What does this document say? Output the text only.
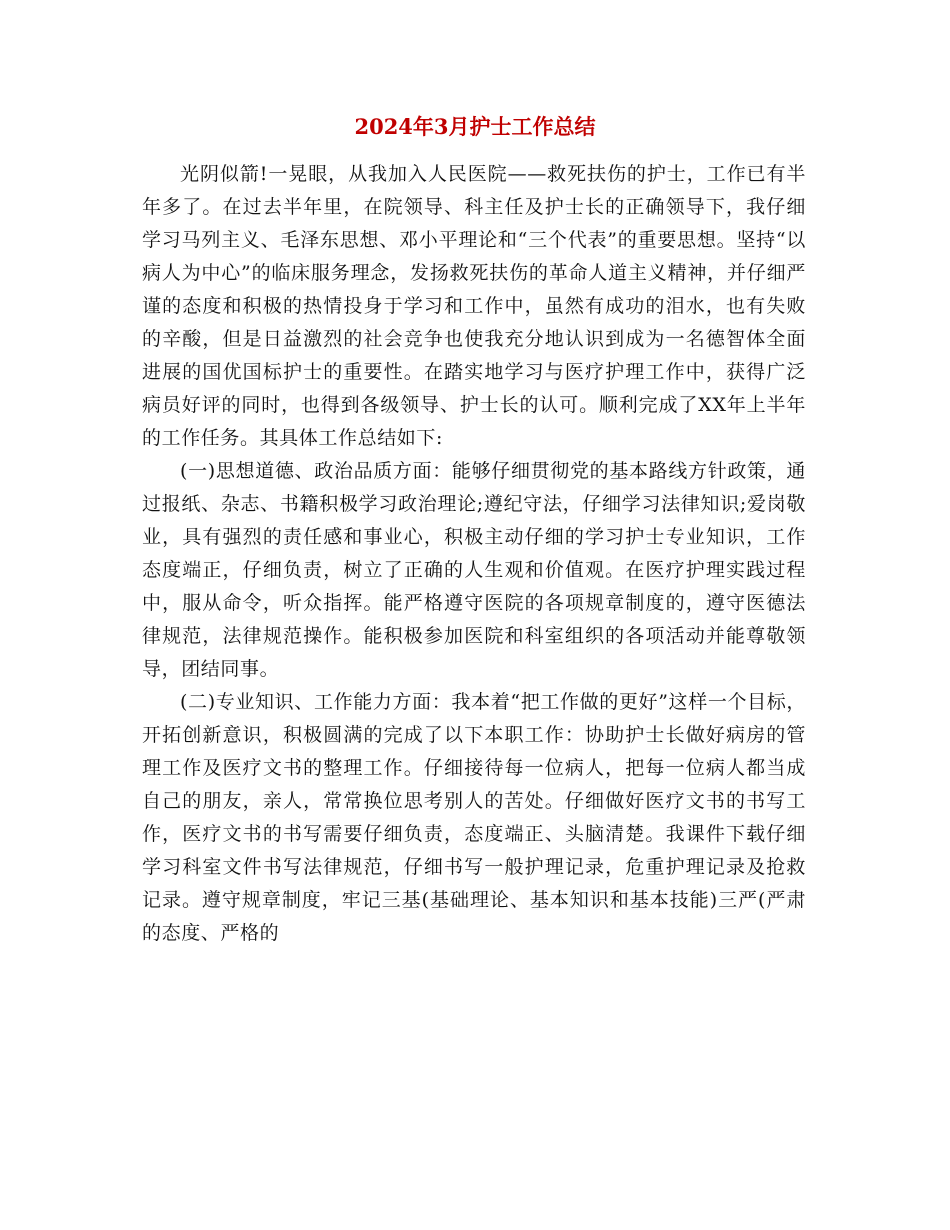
2024年3月护士工作总结

光阴似箭!一晃眼，从我加入人民医院——救死扶伤的护士，工作已有半年多了。在过去半年里，在院领导、科主任及护士长的正确领导下，我仔细学习马列主义、毛泽东思想、邓小平理论和“三个代表”的重要思想。坚持“以病人为中心”的临床服务理念，发扬救死扶伤的革命人道主义精神，并仔细严谨的态度和积极的热情投身于学习和工作中，虽然有成功的泪水，也有失败的辛酸，但是日益激烈的社会竞争也使我充分地认识到成为一名德智体全面进展的国优国标护士的重要性。在踏实地学习与医疗护理工作中，获得广泛病员好评的同时，也得到各级领导、护士长的认可。顺利完成了XX年上半年的工作任务。其具体工作总结如下:

(一)思想道德、政治品质方面：能够仔细贯彻党的基本路线方针政策，通过报纸、杂志、书籍积极学习政治理论;遵纪守法，仔细学习法律知识;爱岗敬业，具有强烈的责任感和事业心，积极主动仔细的学习护士专业知识，工作态度端正，仔细负责，树立了正确的人生观和价值观。在医疗护理实践过程中，服从命令，听众指挥。能严格遵守医院的各项规章制度的，遵守医德法律规范，法律规范操作。能积极参加医院和科室组织的各项活动并能尊敬领导，团结同事。

(二)专业知识、工作能力方面：我本着“把工作做的更好”这样一个目标，开拓创新意识，积极圆满的完成了以下本职工作：协助护士长做好病房的管理工作及医疗文书的整理工作。仔细接待每一位病人，把每一位病人都当成自己的朋友，亲人，常常换位思考别人的苦处。仔细做好医疗文书的书写工作，医疗文书的书写需要仔细负责，态度端正、头脑清楚。我课件下载仔细学习科室文件书写法律规范，仔细书写一般护理记录，危重护理记录及抢救记录。遵守规章制度，牢记三基(基础理论、基本知识和基本技能)三严(严肃的态度、严格的
